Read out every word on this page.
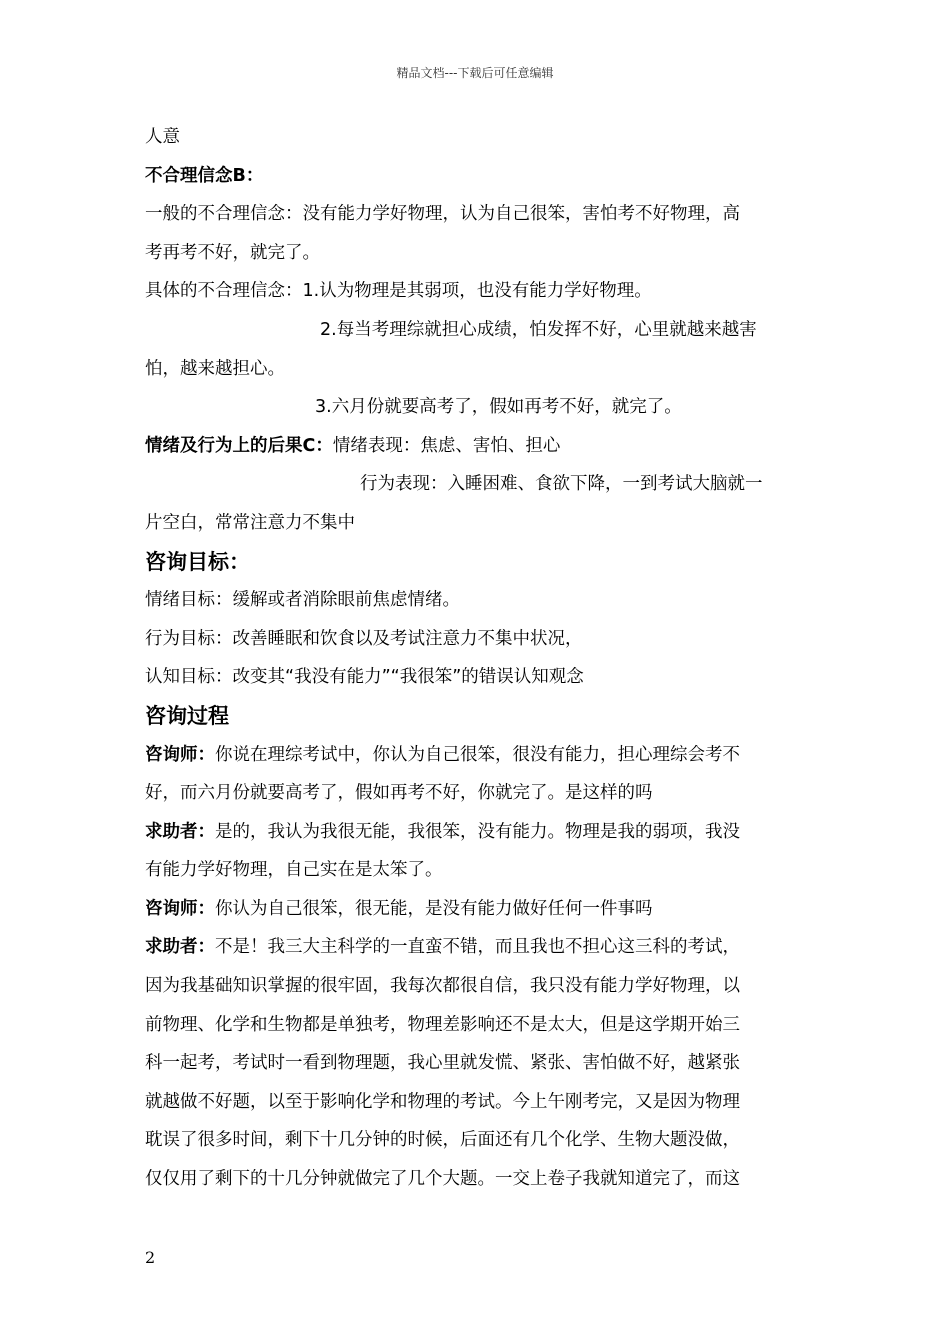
精品文档---下载后可任意编辑
人意
不合理信念B：
一般的不合理信念：没有能力学好物理，认为自己很笨，害怕考不好物理，高
考再考不好，就完了。
具体的不合理信念：1.认为物理是其弱项，也没有能力学好物理。
2.每当考理综就担心成绩，怕发挥不好，心里就越来越害
怕，越来越担心。
3.六月份就要高考了，假如再考不好，就完了。
情绪及行为上的后果C：情绪表现：焦虑、害怕、担心
行为表现：入睡困难、食欲下降，一到考试大脑就一
片空白，常常注意力不集中
咨询目标：
情绪目标：缓解或者消除眼前焦虑情绪。
行为目标：改善睡眠和饮食以及考试注意力不集中状况，
认知目标：改变其“我没有能力”“我很笨”的错误认知观念
咨询过程
咨询师：你说在理综考试中，你认为自己很笨，很没有能力，担心理综会考不
好，而六月份就要高考了，假如再考不好，你就完了。是这样的吗
求助者：是的，我认为我很无能，我很笨，没有能力。物理是我的弱项，我没
有能力学好物理，自己实在是太笨了。
咨询师：你认为自己很笨，很无能，是没有能力做好任何一件事吗
求助者：不是！我三大主科学的一直蛮不错，而且我也不担心这三科的考试，
因为我基础知识掌握的很牢固，我每次都很自信，我只没有能力学好物理，以
前物理、化学和生物都是单独考，物理差影响还不是太大，但是这学期开始三
科一起考，考试时一看到物理题，我心里就发慌、紧张、害怕做不好，越紧张
就越做不好题，以至于影响化学和物理的考试。今上午刚考完，又是因为物理
耽误了很多时间，剩下十几分钟的时候，后面还有几个化学、生物大题没做，
仅仅用了剩下的十几分钟就做完了几个大题。一交上卷子我就知道完了，而这
2
